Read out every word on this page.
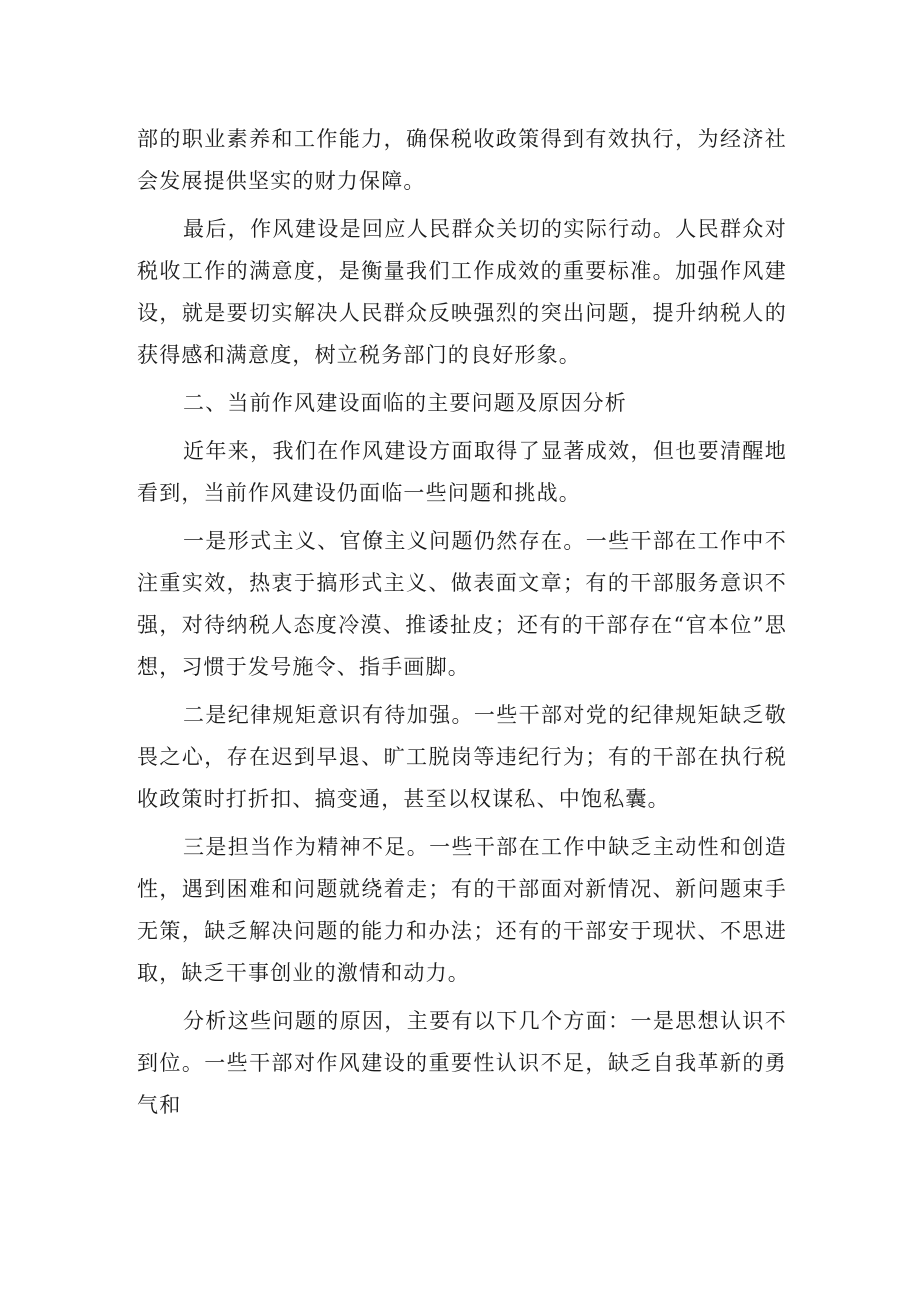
部的职业素养和工作能力，确保税收政策得到有效执行，为经济社会发展提供坚实的财力保障。

最后，作风建设是回应人民群众关切的实际行动。人民群众对税收工作的满意度，是衡量我们工作成效的重要标准。加强作风建设，就是要切实解决人民群众反映强烈的突出问题，提升纳税人的获得感和满意度，树立税务部门的良好形象。

二、当前作风建设面临的主要问题及原因分析

近年来，我们在作风建设方面取得了显著成效，但也要清醒地看到，当前作风建设仍面临一些问题和挑战。

一是形式主义、官僚主义问题仍然存在。一些干部在工作中不注重实效，热衷于搞形式主义、做表面文章；有的干部服务意识不强，对待纳税人态度冷漠、推诿扯皮；还有的干部存在“官本位”思想，习惯于发号施令、指手画脚。

二是纪律规矩意识有待加强。一些干部对党的纪律规矩缺乏敬畏之心，存在迟到早退、旷工脱岗等违纪行为；有的干部在执行税收政策时打折扣、搞变通，甚至以权谋私、中饱私囊。

三是担当作为精神不足。一些干部在工作中缺乏主动性和创造性，遇到困难和问题就绕着走；有的干部面对新情况、新问题束手无策，缺乏解决问题的能力和办法；还有的干部安于现状、不思进取，缺乏干事创业的激情和动力。

分析这些问题的原因，主要有以下几个方面：一是思想认识不到位。一些干部对作风建设的重要性认识不足，缺乏自我革新的勇气和
